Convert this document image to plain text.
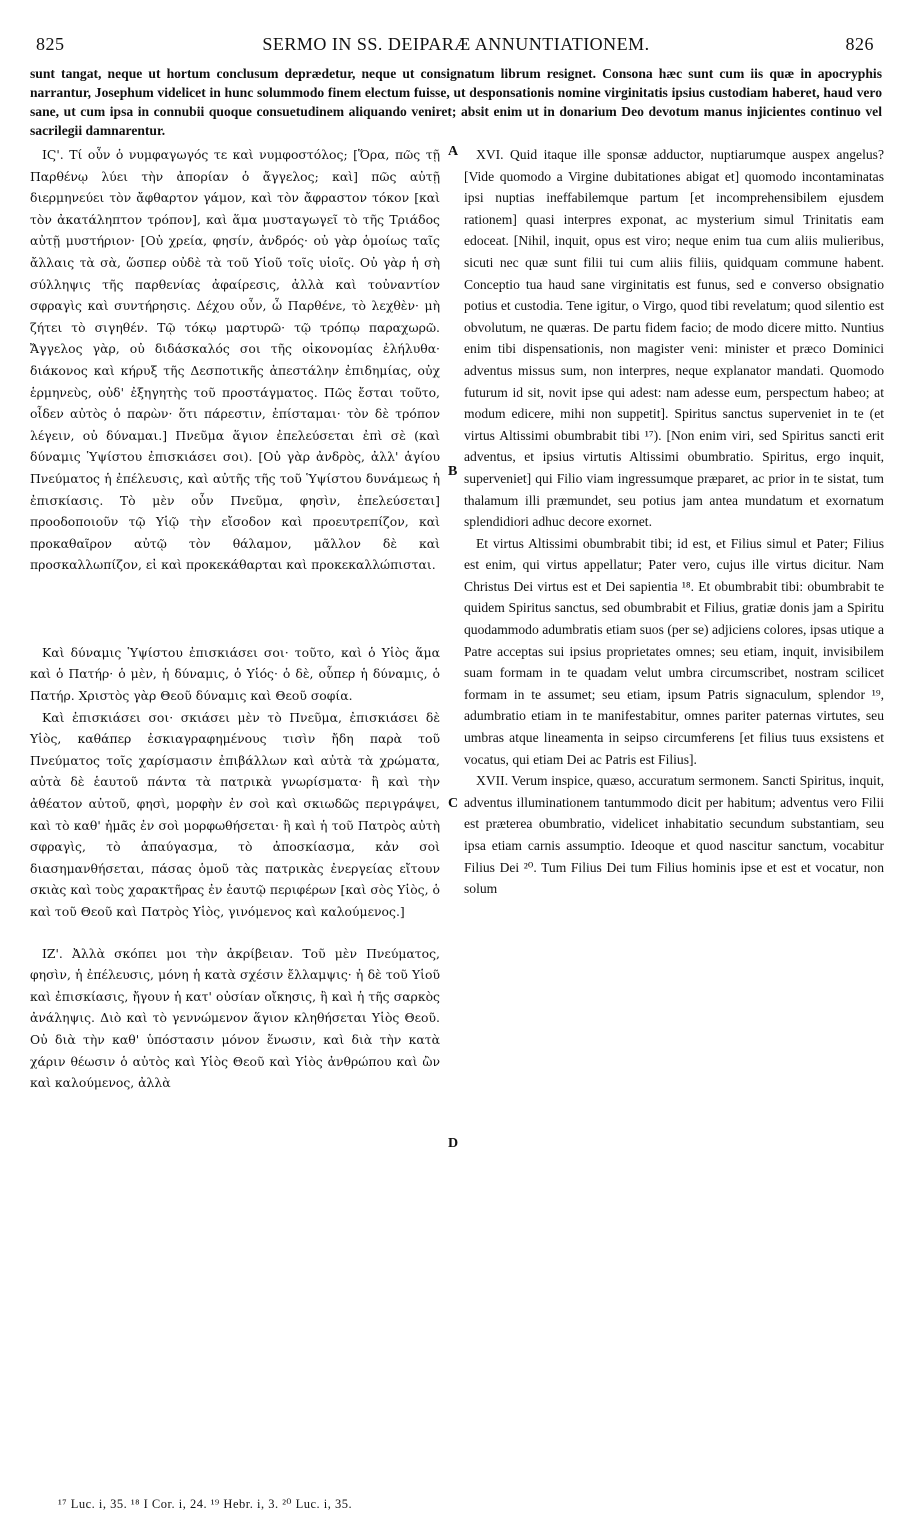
825	SERMO IN SS. DEIPARÆ ANNUNTIATIONEM.	826
sunt tangat, neque ut hortum conclusum deprædetur, neque ut consignatum librum resignet. Consona hæc sunt cum iis quæ in apocryphis narrantur, Josephum videlicet in hunc solummodo finem electum fuisse, ut desponsationis nomine virginitatis ipsius custodiam haberet, haud vero sane, ut cum ipsa in connubii quoque consuetudinem aliquando veniret; absit enim ut in donarium Deo devotum manus injicientes continuo vel sacrilegii damnarentur.

IϚ'. Τί οὖν ὁ νυμφαγωγός τε καὶ νυμφοστόλος; [Ὅρα, πῶς τῇ Παρθένῳ λύει τὴν ἀπορίαν ὁ ἄγγελος; καὶ] πῶς αὐτῇ διερμηνεύει τὸν ἄφθαρτον γάμον, καὶ τὸν ἄφραστον τόκον [καὶ τὸν ἀκατάληπτον τρόπον], καὶ ἅμα μυσταγωγεῖ τὸ τῆς Τριάδος αὐτῇ μυστήριον· [Οὐ χρεία, φησίν, ἀνδρός· οὐ γὰρ ὁμοίως ταῖς ἄλλαις τὰ σὰ, ὥσπερ οὐδὲ τὰ τοῦ Υἱοῦ τοῖς υἱοῖς. Οὐ γὰρ ἡ σὴ σύλληψις τῆς παρθενίας ἀφαίρεσις, ἀλλὰ καὶ τοὐναντίον σφραγὶς καὶ συντήρησις. Δέχου οὖν, ὦ Παρθένε, τὸ λεχθὲν· μὴ ζήτει τὸ σιγηθέν. Τῷ τόκῳ μαρτυρῶ· τῷ τρόπῳ παραχωρῶ. Ἄγγελος γὰρ, οὐ διδάσκαλός σοι τῆς οἰκονομίας ἐλήλυθα· διάκονος καὶ κήρυξ τῆς Δεσποτικῆς ἀπεστάλην ἐπιδημίας, οὐχ ἑρμηνεὺς, οὐδ' ἐξηγητὴς τοῦ προστάγματος. Πῶς ἔσται τοῦτο, οἶδεν αὐτὸς ὁ παρὼν· ὅτι πάρεστιν, ἐπίσταμαι· τὸν δὲ τρόπον λέγειν, οὐ δύναμαι.] Πνεῦμα ἅγιον ἐπελεύσεται ἐπὶ σὲ (καὶ δύναμις Ὑψίστου ἐπισκιάσει σοι). [Οὐ γὰρ ἀνδρὸς, ἀλλ' ἁγίου Πνεύματος ἡ ἐπέλευσις, καὶ αὐτῆς τῆς τοῦ Ὑψίστου δυνάμεως ἡ ἐπισκίασις. Τὸ μὲν οὖν Πνεῦμα, φησὶν, ἐπελεύσεται] προοδοποιοῦν τῷ Υἱῷ τὴν εἴσοδον καὶ προευτρεπίζον, καὶ προκαθαῖρον αὐτῷ τὸν θάλαμον, μᾶλλον δὲ καὶ προσκαλλωπίζον, εἰ καὶ προκεκάθαρται καὶ προκεκαλλώπισται.

Καὶ δύναμις Ὑψίστου ἐπισκιάσει σοι· τοῦτο, καὶ ὁ Υἱὸς ἅμα καὶ ὁ Πατήρ· ὁ μὲν, ἡ δύναμις, ὁ Υἱός· ὁ δὲ, οὗπερ ἡ δύναμις, ὁ Πατήρ. Χριστὸς γὰρ Θεοῦ δύναμις καὶ Θεοῦ σοφία.

Καὶ ἐπισκιάσει σοι· σκιάσει μὲν τὸ Πνεῦμα, ἐπισκιάσει δὲ Υἱὸς, καθάπερ ἐσκιαγραφημένους τισὶν ἤδη παρὰ τοῦ Πνεύματος τοῖς χαρίσμασιν ἐπιβάλλων καὶ αὐτὰ τὰ χρώματα, αὐτὰ δὲ ἑαυτοῦ πάντα τὰ πατρικὰ γνωρίσματα· ἢ καὶ τὴν ἀθέατον αὐτοῦ, φησὶ, μορφὴν ἐν σοὶ καὶ σκιωδῶς περιγράψει, καὶ τὸ καθ' ἡμᾶς ἐν σοὶ μορφωθήσεται· ἢ καὶ ἡ τοῦ Πατρὸς αὐτὴ σφραγὶς, τὸ ἀπαύγασμα, τὸ ἀποσκίασμα, κἀν σοὶ διασημανθήσεται, πάσας ὁμοῦ τὰς πατρικὰς ἐνεργείας εἴτουν σκιὰς καὶ τοὺς χαρακτῆρας ἐν ἑαυτῷ περιφέρων [καὶ σὸς Υἱὸς, ὁ καὶ τοῦ Θεοῦ καὶ Πατρὸς Υἱὸς, γινόμενος καὶ καλούμενος.]

ΙΖ'. Ἀλλὰ σκόπει μοι τὴν ἀκρίβειαν. Τοῦ μὲν Πνεύματος, φησὶν, ἡ ἐπέλευσις, μόνη ἡ κατὰ σχέσιν ἔλλαμψις· ἡ δὲ τοῦ Υἱοῦ καὶ ἐπισκίασις, ἤγουν ἡ κατ' οὐσίαν οἴκησις, ἢ καὶ ἡ τῆς σαρκὸς ἀνάληψις. Διὸ καὶ τὸ γεννώμενον ἅγιον κληθήσεται Υἱὸς Θεοῦ. Οὐ διὰ τὴν καθ' ὑπόστασιν μόνον ἕνωσιν, καὶ διὰ τὴν κατὰ χάριν θέωσιν ὁ αὐτὸς καὶ Υἱὸς Θεοῦ καὶ Υἱὸς ἀνθρώπου καὶ ὢν καὶ καλούμενος, ἀλλὰ

A
B
C
D

XVI. Quid itaque ille sponsæ adductor, nuptiarumque auspex angelus? [Vide quomodo a Virgine dubitationes abigat et] quomodo incontaminatas ipsi nuptias ineffabilemque partum [et incomprehensibilem ejusdem rationem] quasi interpres exponat, ac mysterium simul Trinitatis eam edoceat. [Nihil, inquit, opus est viro; neque enim tua cum aliis mulieribus, sicuti nec quæ sunt filii tui cum aliis filiis, quidquam commune habent. Conceptio tua haud sane virginitatis est funus, sed e converso obsignatio potius et custodia. Tene igitur, o Virgo, quod tibi revelatum; quod silentio est obvolutum, ne quæras. De partu fidem facio; de modo dicere mitto. Nuntius enim tibi dispensationis, non magister veni: minister et præco Dominici adventus missus sum, non interpres, neque explanator mandati. Quomodo futurum id sit, novit ipse qui adest: nam adesse eum, perspectum habeo; at modum edicere, mihi non suppetit]. Spiritus sanctus superveniet in te (et virtus Altissimi obumbrabit tibi ¹⁷). [Non enim viri, sed Spiritus sancti erit adventus, et ipsius virtutis Altissimi obumbratio. Spiritus, ergo inquit, superveniet] qui Filio viam ingressumque præparet, ac prior in te sistat, tum thalamum illi præmundet, seu potius jam antea mundatum et exornatum splendidiori adhuc decore exornet.

Et virtus Altissimi obumbrabit tibi; id est, et Filius simul et Pater; Filius est enim, qui virtus appellatur; Pater vero, cujus ille virtus dicitur. Nam Christus Dei virtus est et Dei sapientia ¹⁸. Et obumbrabit tibi: obumbrabit te quidem Spiritus sanctus, sed obumbrabit et Filius, gratiæ donis jam a Spiritu quodammodo adumbratis etiam suos (per se) adjiciens colores, ipsas utique a Patre acceptas sui ipsius proprietates omnes; seu etiam, inquit, invisibilem suam formam in te quadam velut umbra circumscribet, nostram scilicet formam in te assumet; seu etiam, ipsum Patris signaculum, splendor ¹⁹, adumbratio etiam in te manifestabitur, omnes pariter paternas virtutes, seu umbras atque lineamenta in seipso circumferens [et filius tuus exsistens et vocatus, qui etiam Dei ac Patris est Filius].

XVII. Verum inspice, quæso, accuratum sermonem. Sancti Spiritus, inquit, adventus illuminationem tantummodo dicit per habitum; adventus vero Filii est præterea obumbratio, videlicet inhabitatio secundum substantiam, seu ipsa etiam carnis assumptio. Ideoque et quod nascitur sanctum, vocabitur Filius Dei ²⁰. Tum Filius Dei tum Filius hominis ipse et est et vocatur, non solum

¹⁷ Luc. i, 35. ¹⁸ I Cor. i, 24. ¹⁹ Hebr. i, 3. ²⁰ Luc. i, 35.
